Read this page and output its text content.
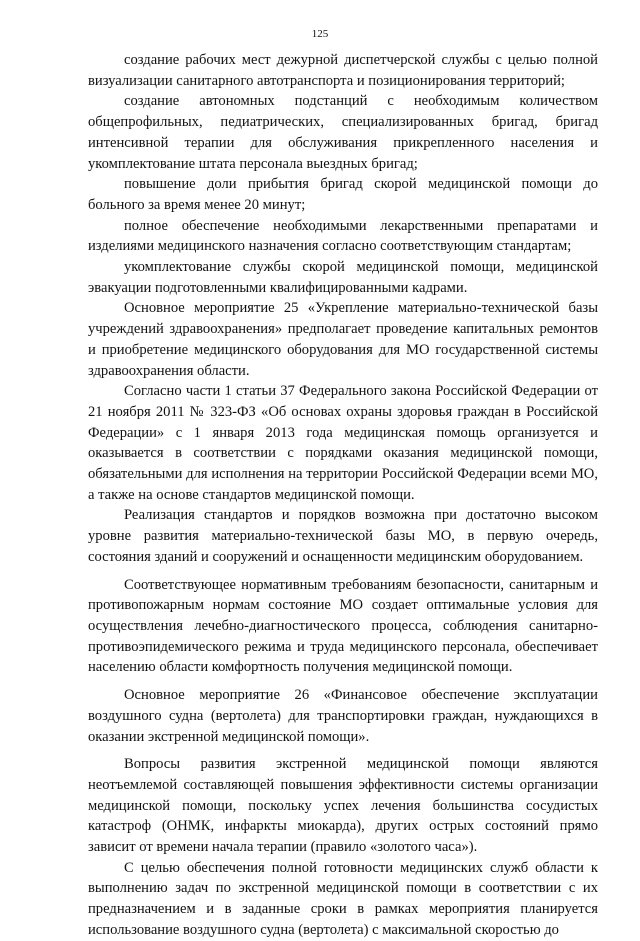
125

создание рабочих мест дежурной диспетчерской службы с целью полной визуализации санитарного автотранспорта и позиционирования территорий;

создание автономных подстанций с необходимым количеством общепрофильных, педиатрических, специализированных бригад, бригад интенсивной терапии для обслуживания прикрепленного населения и укомплектование штата персонала выездных бригад;

повышение доли прибытия бригад скорой медицинской помощи до больного за время менее 20 минут;

полное обеспечение необходимыми лекарственными препаратами и изделиями медицинского назначения согласно соответствующим стандартам;

укомплектование службы скорой медицинской помощи, медицинской эвакуации подготовленными квалифицированными кадрами.

Основное мероприятие 25 «Укрепление материально-технической базы учреждений здравоохранения» предполагает проведение капитальных ремонтов и приобретение медицинского оборудования для МО государственной системы здравоохранения области.

Согласно части 1 статьи 37 Федерального закона Российской Федерации от 21 ноября 2011 № 323-ФЗ «Об основах охраны здоровья граждан в Российской Федерации» с 1 января 2013 года медицинская помощь организуется и оказывается в соответствии с порядками оказания медицинской помощи, обязательными для исполнения на территории Российской Федерации всеми МО, а также на основе стандартов медицинской помощи.

Реализация стандартов и порядков возможна при достаточно высоком уровне развития материально-технической базы МО, в первую очередь, состояния зданий и сооружений и оснащенности медицинским оборудованием.

Соответствующее нормативным требованиям безопасности, санитарным и противопожарным нормам состояние МО создает оптимальные условия для осуществления лечебно-диагностического процесса, соблюдения санитарно-противоэпидемического режима и труда медицинского персонала, обеспечивает населению области комфортность получения медицинской помощи.

Основное мероприятие 26 «Финансовое обеспечение эксплуатации воздушного судна (вертолета) для транспортировки граждан, нуждающихся в оказании экстренной медицинской помощи».

Вопросы развития экстренной медицинской помощи являются неотъемлемой составляющей повышения эффективности системы организации медицинской помощи, поскольку успех лечения большинства сосудистых катастроф (ОНМК, инфаркты миокарда), других острых состояний прямо зависит от времени начала терапии (правило «золотого часа»).

С целью обеспечения полной готовности медицинских служб области к выполнению задач по экстренной медицинской помощи в соответствии с их предназначением и в заданные сроки в рамках мероприятия планируется использование воздушного судна (вертолета) с максимальной скоростью до
